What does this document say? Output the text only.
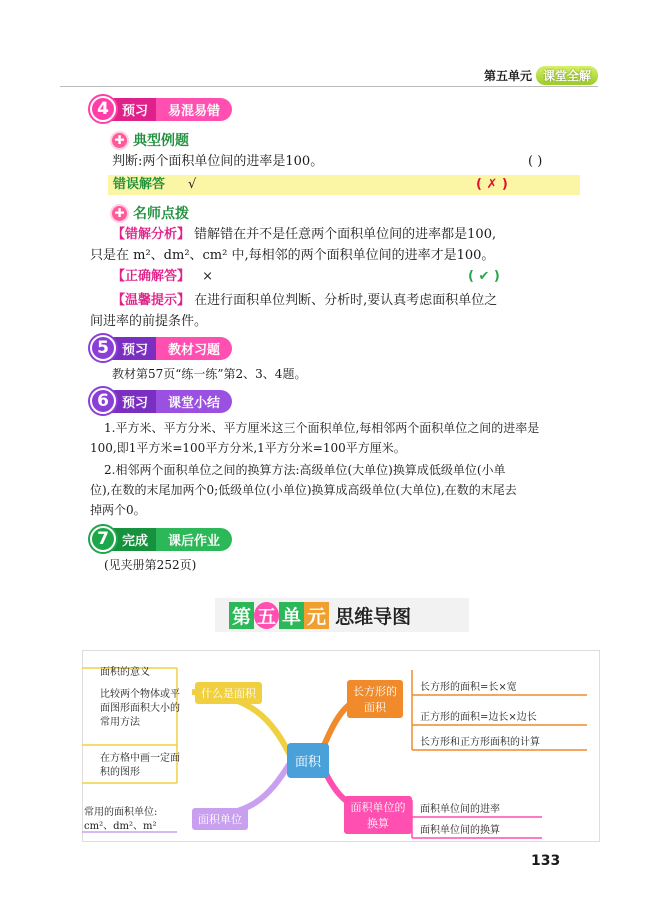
第五单元 课堂全解
4	预习	易混易错
✚ 典型例题
判断:两个面积单位间的进率是100。	( )
错误解答 √	( ✗ )
✚ 名师点拨
【错解分析】 错解错在并不是任意两个面积单位间的进率都是100,
只是在 m²、dm²、cm² 中,每相邻的两个面积单位间的进率才是100。
【正确解答】 ×	( ✔ )
【温馨提示】 在进行面积单位判断、分析时,要认真考虑面积单位之
间进率的前提条件。
5	预习	教材习题
教材第57页“练一练”第2、3、4题。
6	预习	课堂小结
1.平方米、平方分米、平方厘米这三个面积单位,每相邻两个面积单位之间的进率是
100,即1平方米=100平方分米,1平方分米=100平方厘米。
2.相邻两个面积单位之间的换算方法:高级单位(大单位)换算成低级单位(小单
位),在数的末尾加两个0;低级单位(小单位)换算成高级单位(大单位),在数的末尾去
掉两个0。
7	完成	课后作业
(见夹册第252页)
第 五 单 元 思维导图
面积
什么是面积
面积单位
长方形的面积
面积单位的换算
面积的意义
比较两个物体或平面图形面积大小的常用方法
在方格中画一定面积的图形
常用的面积单位:
cm²、dm²、m²
长方形的面积=长×宽
正方形的面积=边长×边长
长方形和正方形面积的计算
面积单位间的进率
面积单位间的换算
133
